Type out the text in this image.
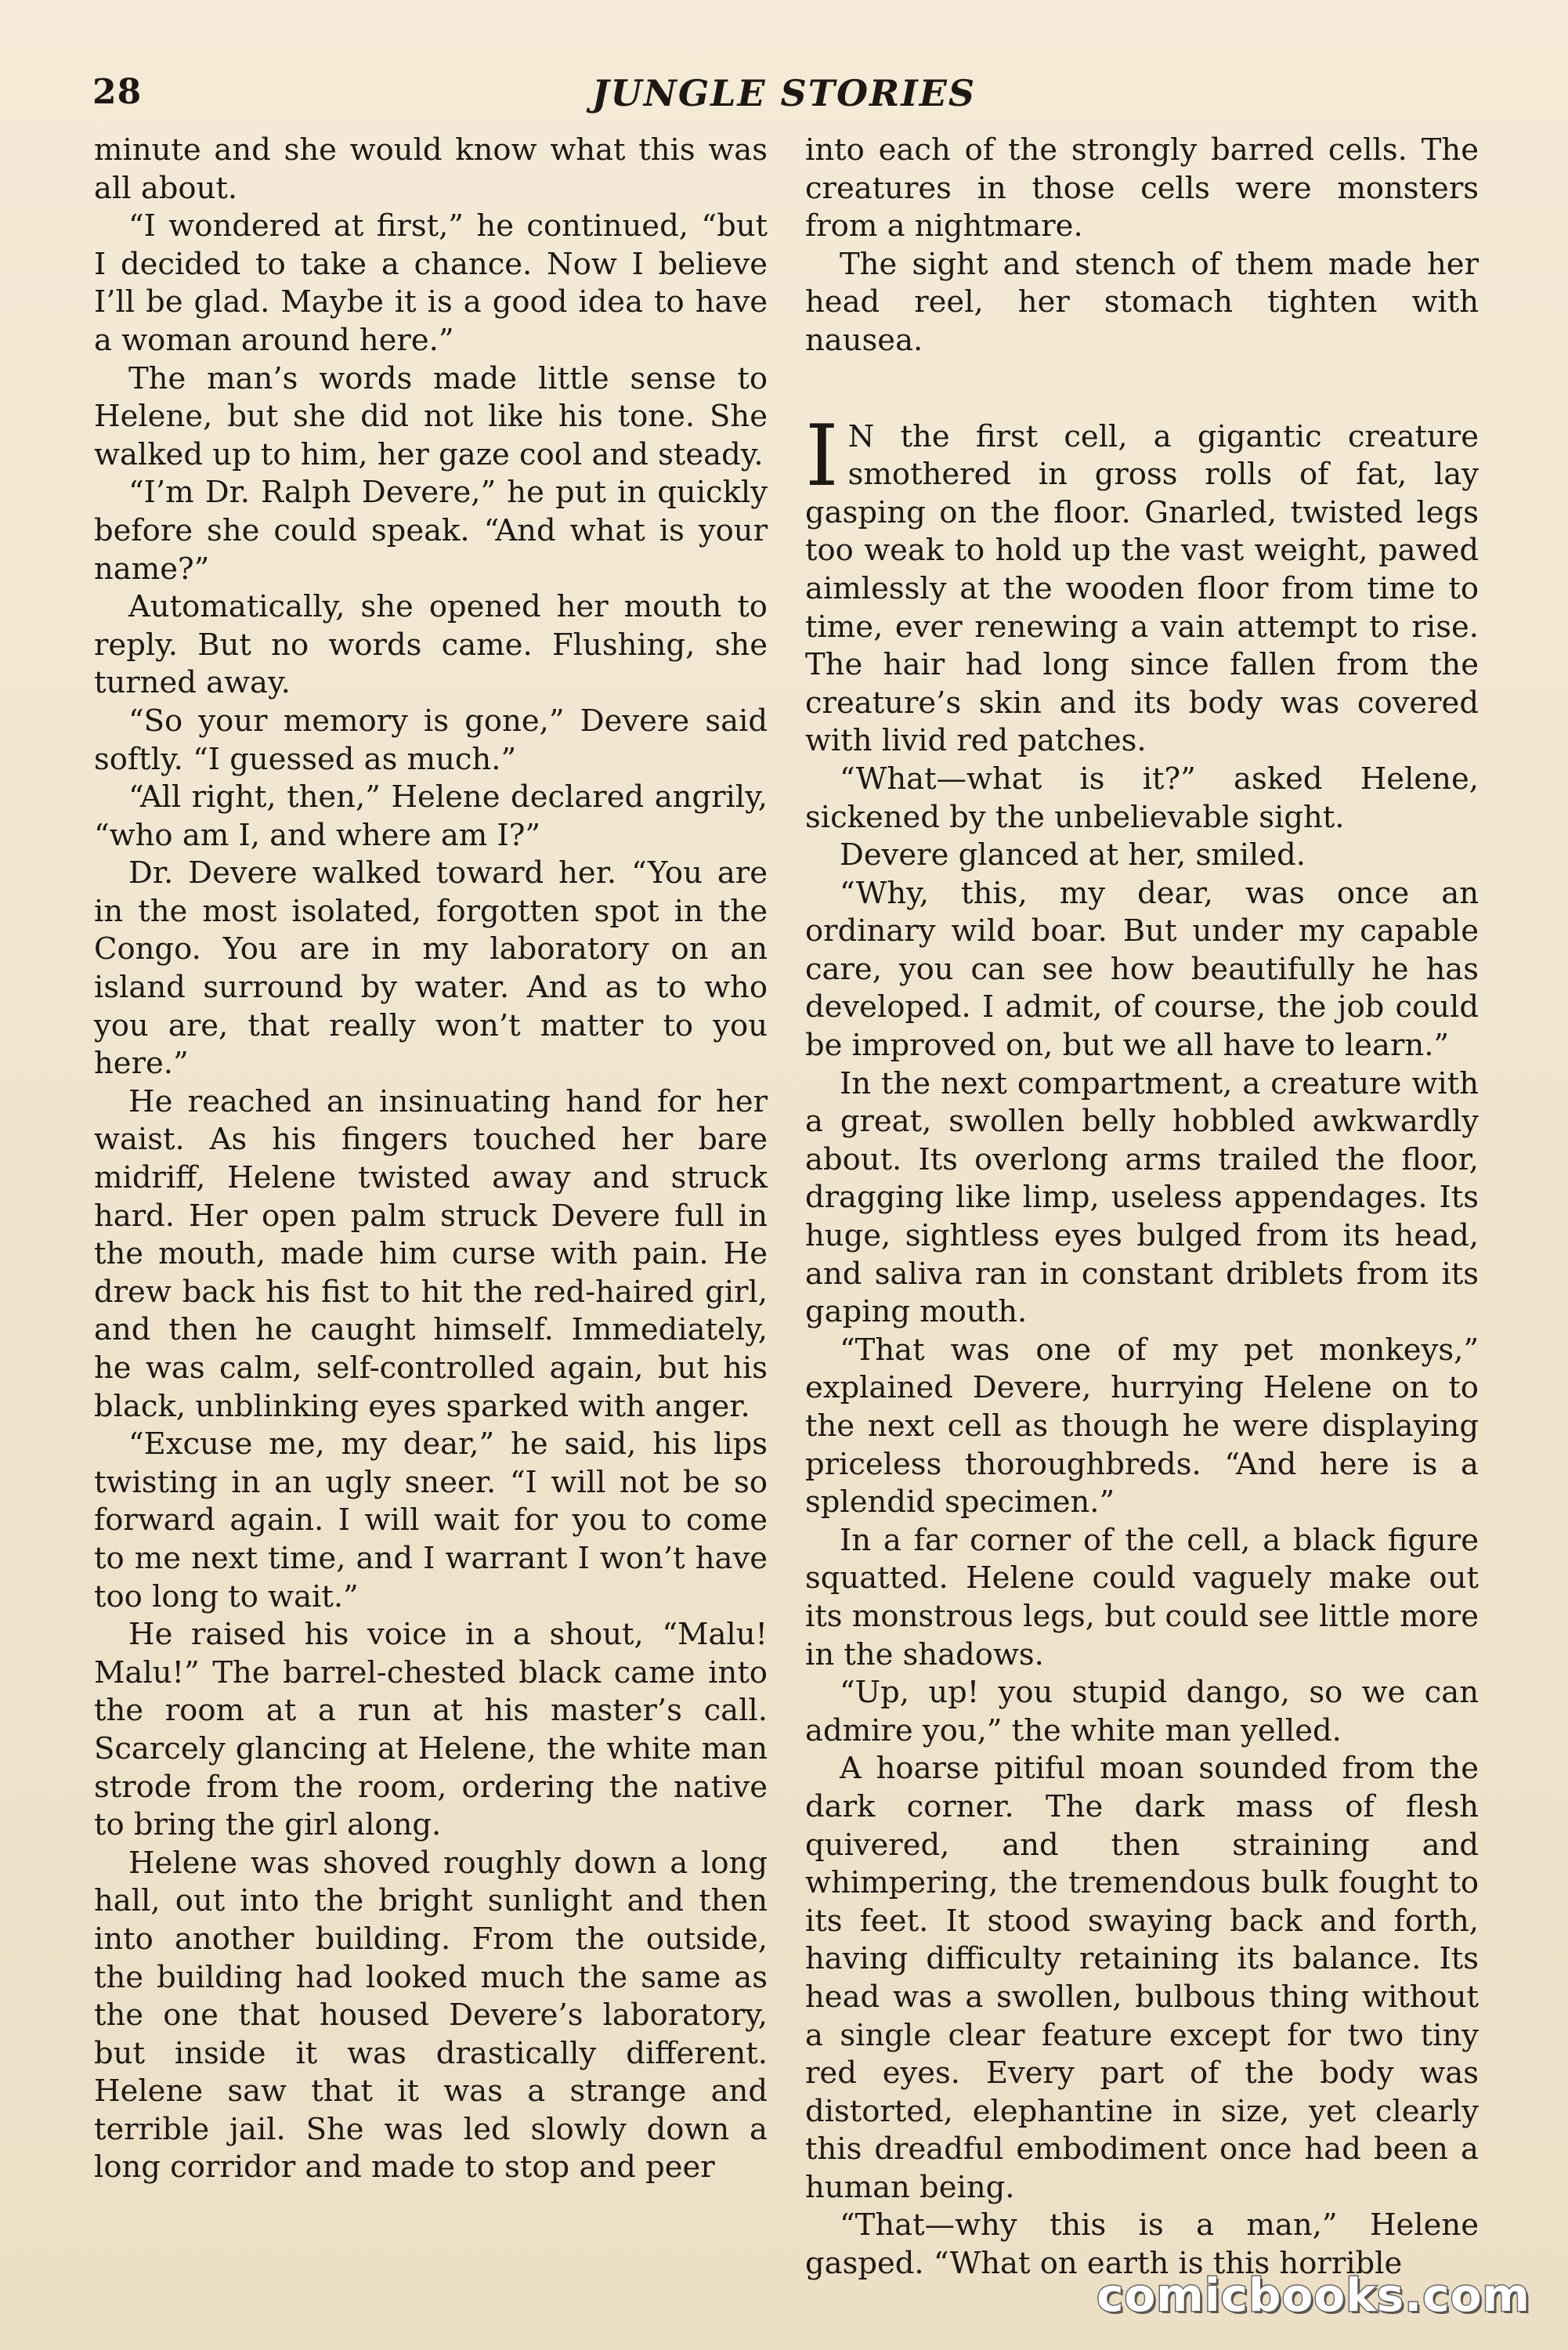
28	JUNGLE STORIES

minute and she would know what this was all about.

“I wondered at first,” he continued, “but I decided to take a chance. Now I believe I’ll be glad. Maybe it is a good idea to have a woman around here.”

The man’s words made little sense to Helene, but she did not like his tone. She walked up to him, her gaze cool and steady.

“I’m Dr. Ralph Devere,” he put in quickly before she could speak. “And what is your name?”

Automatically, she opened her mouth to reply. But no words came. Flushing, she turned away.

“So your memory is gone,” Devere said softly. “I guessed as much.”

“All right, then,” Helene declared angrily, “who am I, and where am I?”

Dr. Devere walked toward her. “You are in the most isolated, forgotten spot in the Congo. You are in my laboratory on an island surround by water. And as to who you are, that really won’t matter to you here.”

He reached an insinuating hand for her waist. As his fingers touched her bare midriff, Helene twisted away and struck hard. Her open palm struck Devere full in the mouth, made him curse with pain. He drew back his fist to hit the red-haired girl, and then he caught himself. Immediately, he was calm, self-controlled again, but his black, unblinking eyes sparked with anger.

“Excuse me, my dear,” he said, his lips twisting in an ugly sneer. “I will not be so forward again. I will wait for you to come to me next time, and I warrant I won’t have too long to wait.”

He raised his voice in a shout, “Malu! Malu!” The barrel-chested black came into the room at a run at his master’s call. Scarcely glancing at Helene, the white man strode from the room, ordering the native to bring the girl along.

Helene was shoved roughly down a long hall, out into the bright sunlight and then into another building. From the outside, the building had looked much the same as the one that housed Devere’s laboratory, but inside it was drastically different. Helene saw that it was a strange and terrible jail. She was led slowly down a long corridor and made to stop and peer

into each of the strongly barred cells. The creatures in those cells were monsters from a nightmare.

The sight and stench of them made her head reel, her stomach tighten with nausea.

I N the first cell, a gigantic creature smothered in gross rolls of fat, lay gasping on the floor. Gnarled, twisted legs too weak to hold up the vast weight, pawed aimlessly at the wooden floor from time to time, ever renewing a vain attempt to rise. The hair had long since fallen from the creature’s skin and its body was covered with livid red patches.

“What—what is it?” asked Helene, sickened by the unbelievable sight.

Devere glanced at her, smiled.

“Why, this, my dear, was once an ordinary wild boar. But under my capable care, you can see how beautifully he has developed. I admit, of course, the job could be improved on, but we all have to learn.”

In the next compartment, a creature with a great, swollen belly hobbled awkwardly about. Its overlong arms trailed the floor, dragging like limp, useless appendages. Its huge, sightless eyes bulged from its head, and saliva ran in constant driblets from its gaping mouth.

“That was one of my pet monkeys,” explained Devere, hurrying Helene on to the next cell as though he were displaying priceless thoroughbreds. “And here is a splendid specimen.”

In a far corner of the cell, a black figure squatted. Helene could vaguely make out its monstrous legs, but could see little more in the shadows.

“Up, up! you stupid dango, so we can admire you,” the white man yelled.

A hoarse pitiful moan sounded from the dark corner. The dark mass of flesh quivered, and then straining and whimpering, the tremendous bulk fought to its feet. It stood swaying back and forth, having difficulty retaining its balance. Its head was a swollen, bulbous thing without a single clear feature except for two tiny red eyes. Every part of the body was distorted, elephantine in size, yet clearly this dreadful embodiment once had been a human being.

“That—why this is a man,” Helene gasped. “What on earth is this horrible

comicbooks.com
